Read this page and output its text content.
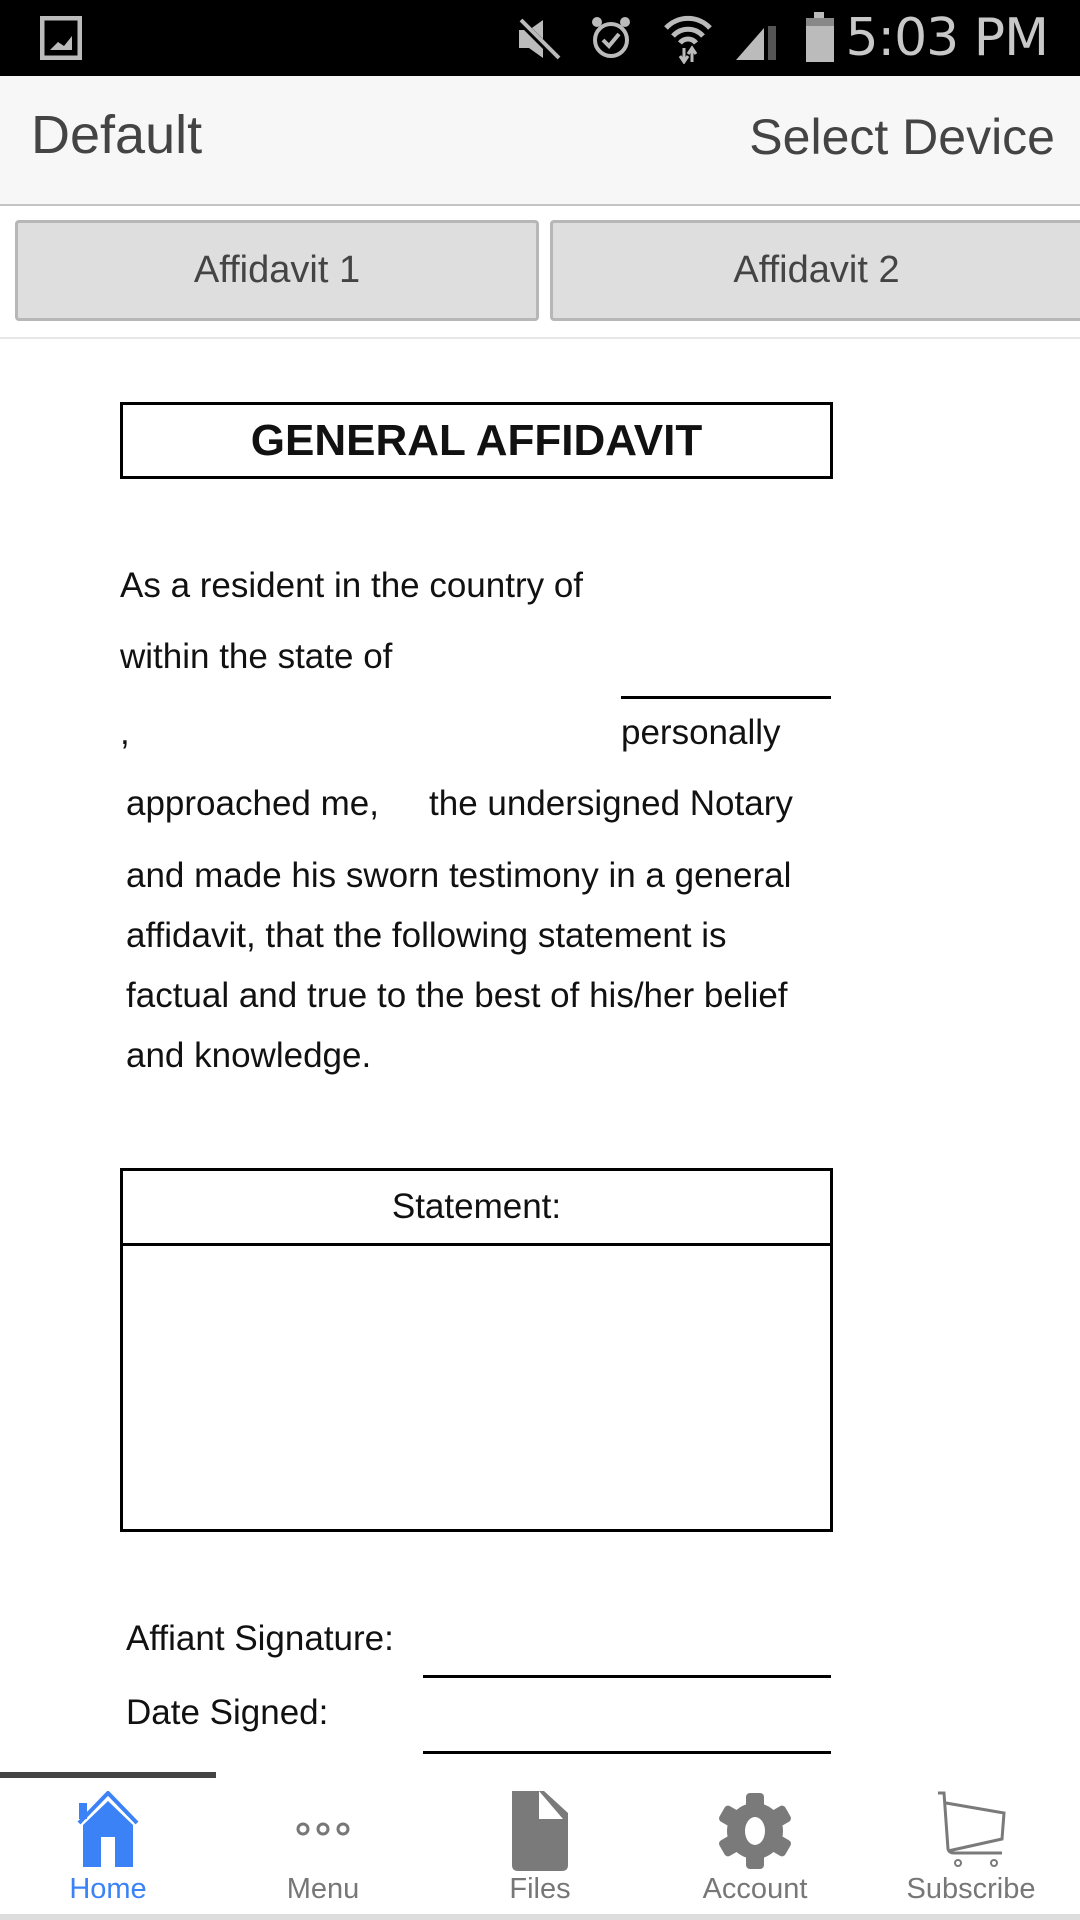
5:03 PM
Default	Select Device
Affidavit 1	Affidavit 2
GENERAL AFFIDAVIT
As a resident in the country of
within the state of
,	personally
approached me, the undersigned Notary
and made his sworn testimony in a general
affidavit, that the following statement is
factual and true to the best of his/her belief
and knowledge.
Statement:
Affiant Signature:
Date Signed:
Home	Menu	Files	Account	Subscribe
